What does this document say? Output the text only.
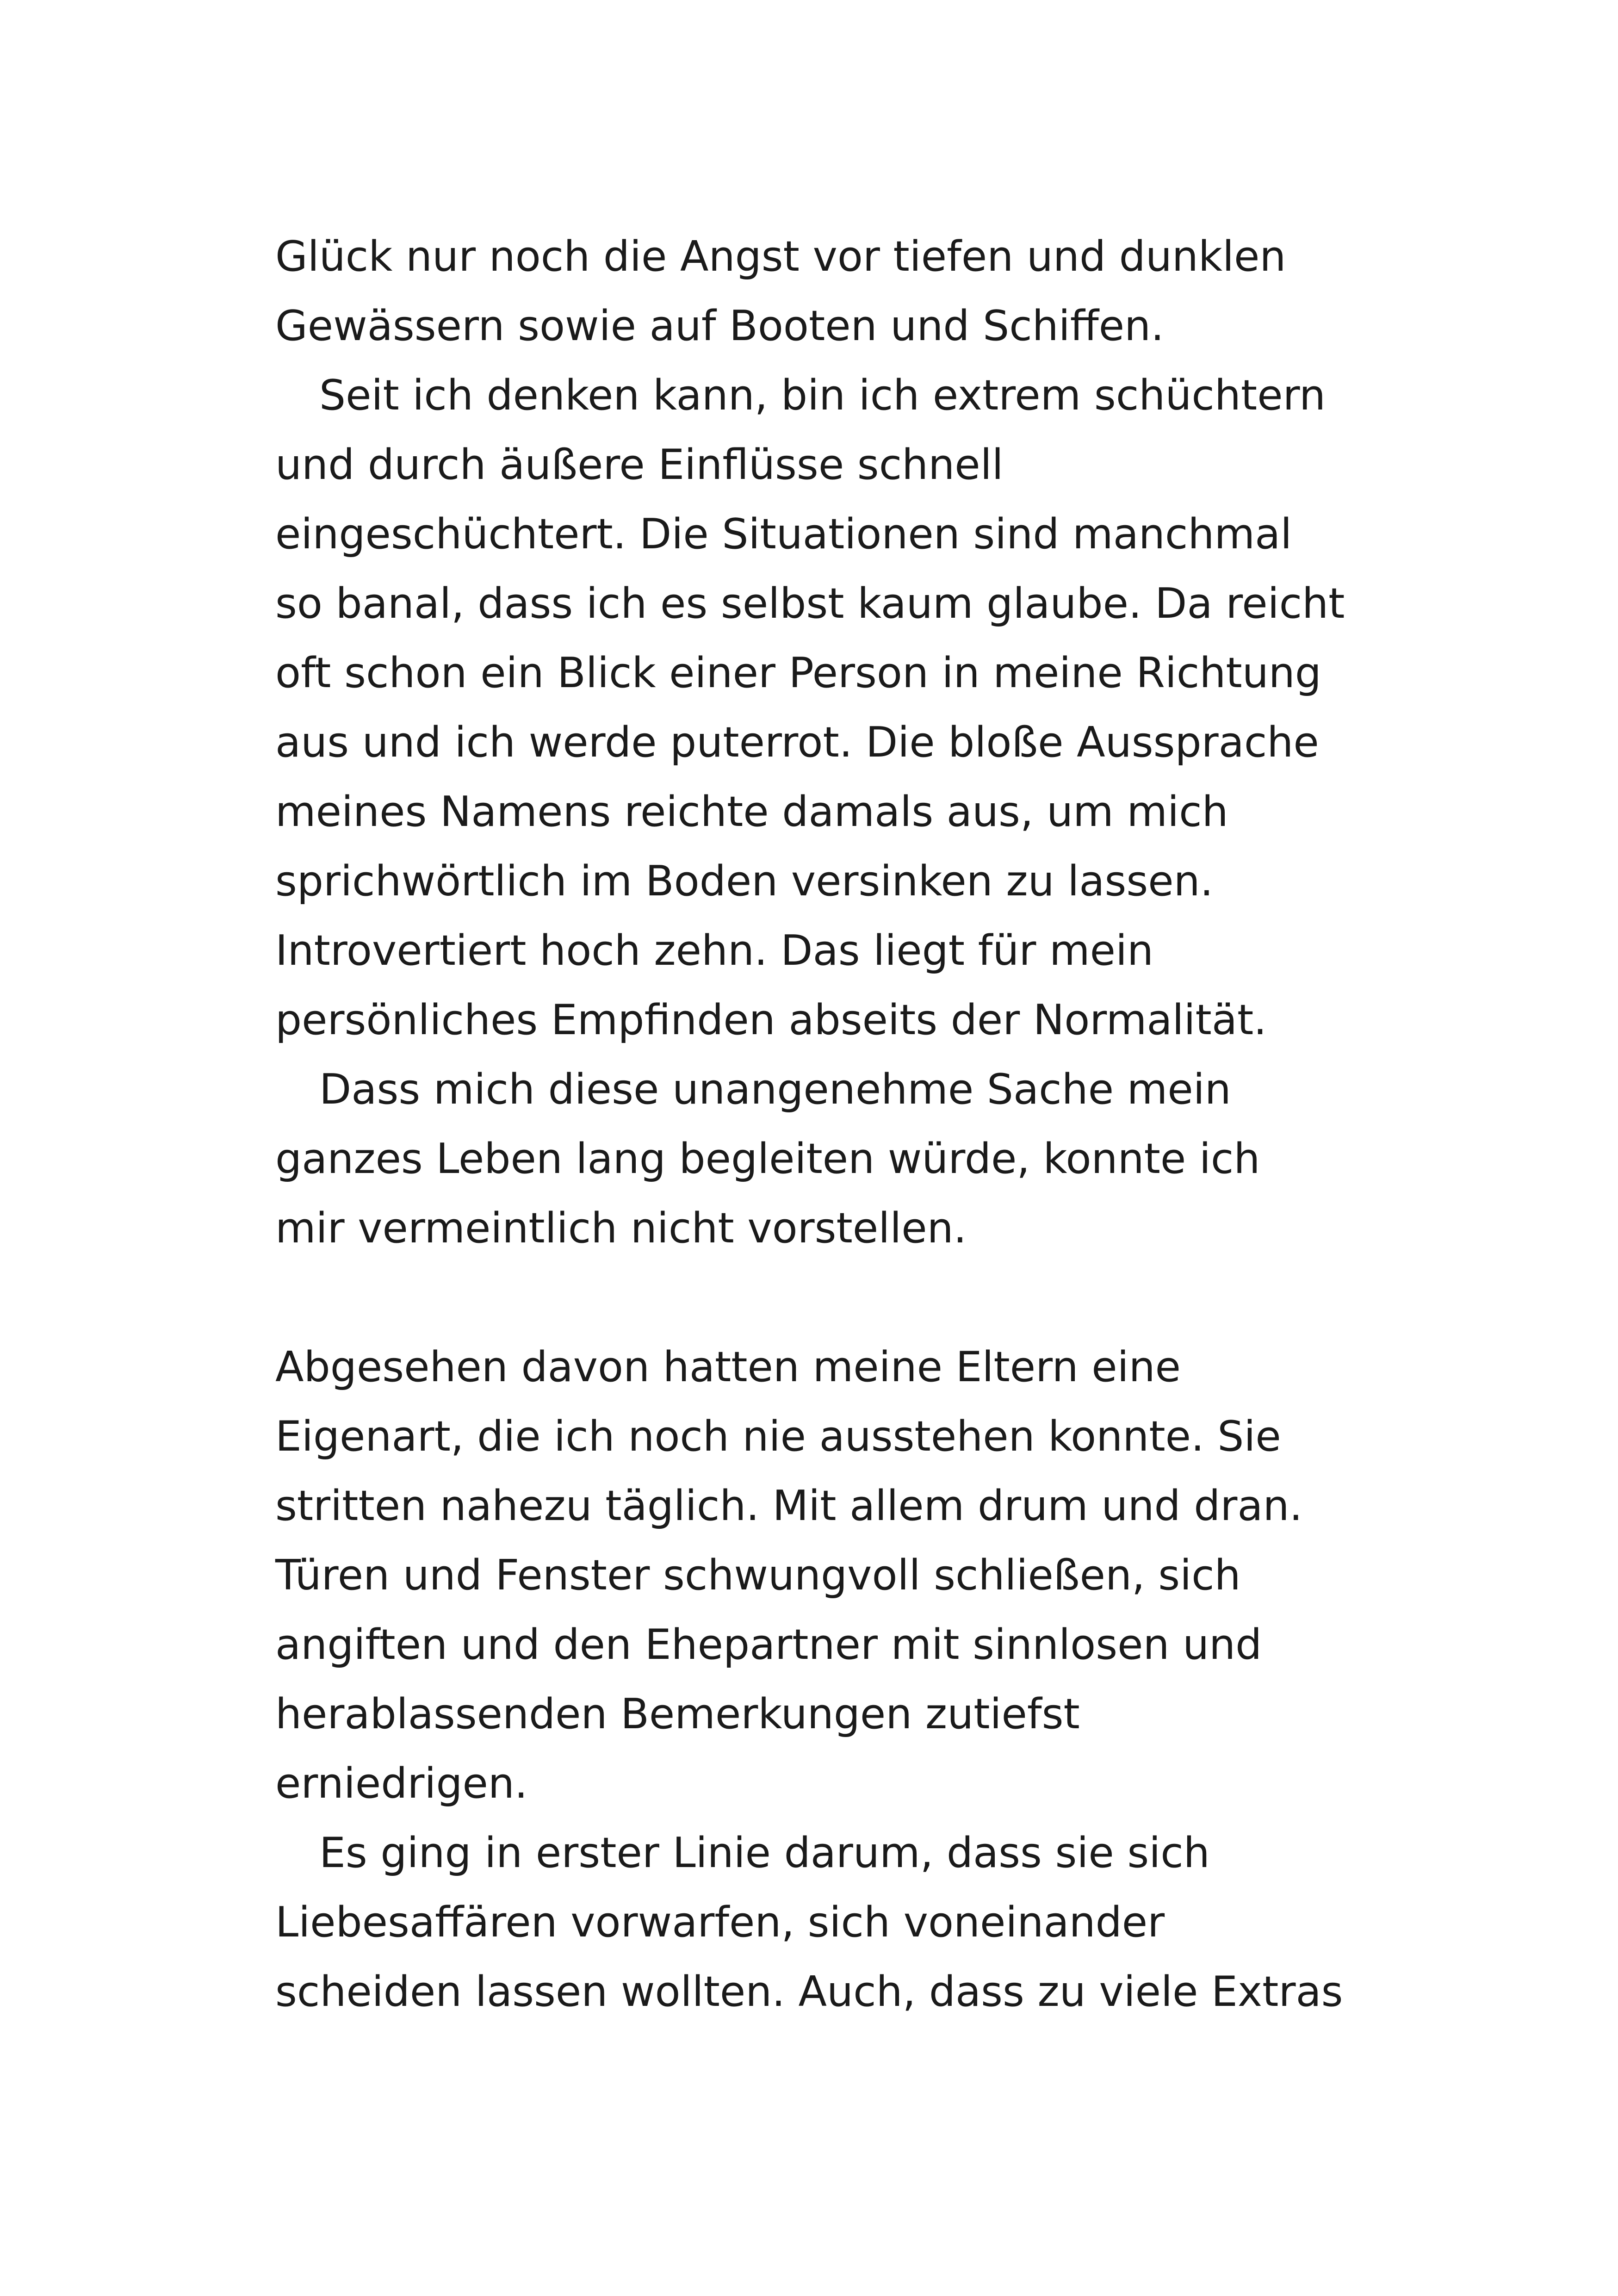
Glück nur noch die Angst vor tiefen und dunklen
Gewässern sowie auf Booten und Schiffen.
Seit ich denken kann, bin ich extrem schüchtern
und durch äußere Einflüsse schnell
eingeschüchtert. Die Situationen sind manchmal
so banal, dass ich es selbst kaum glaube. Da reicht
oft schon ein Blick einer Person in meine Richtung
aus und ich werde puterrot. Die bloße Aussprache
meines Namens reichte damals aus, um mich
sprichwörtlich im Boden versinken zu lassen.
Introvertiert hoch zehn. Das liegt für mein
persönliches Empfinden abseits der Normalität.
Dass mich diese unangenehme Sache mein
ganzes Leben lang begleiten würde, konnte ich
mir vermeintlich nicht vorstellen.
Abgesehen davon hatten meine Eltern eine
Eigenart, die ich noch nie ausstehen konnte. Sie
stritten nahezu täglich. Mit allem drum und dran.
Türen und Fenster schwungvoll schließen, sich
angiften und den Ehepartner mit sinnlosen und
herablassenden Bemerkungen zutiefst
erniedrigen.
Es ging in erster Linie darum, dass sie sich
Liebesaffären vorwarfen, sich voneinander
scheiden lassen wollten. Auch, dass zu viele Extras
